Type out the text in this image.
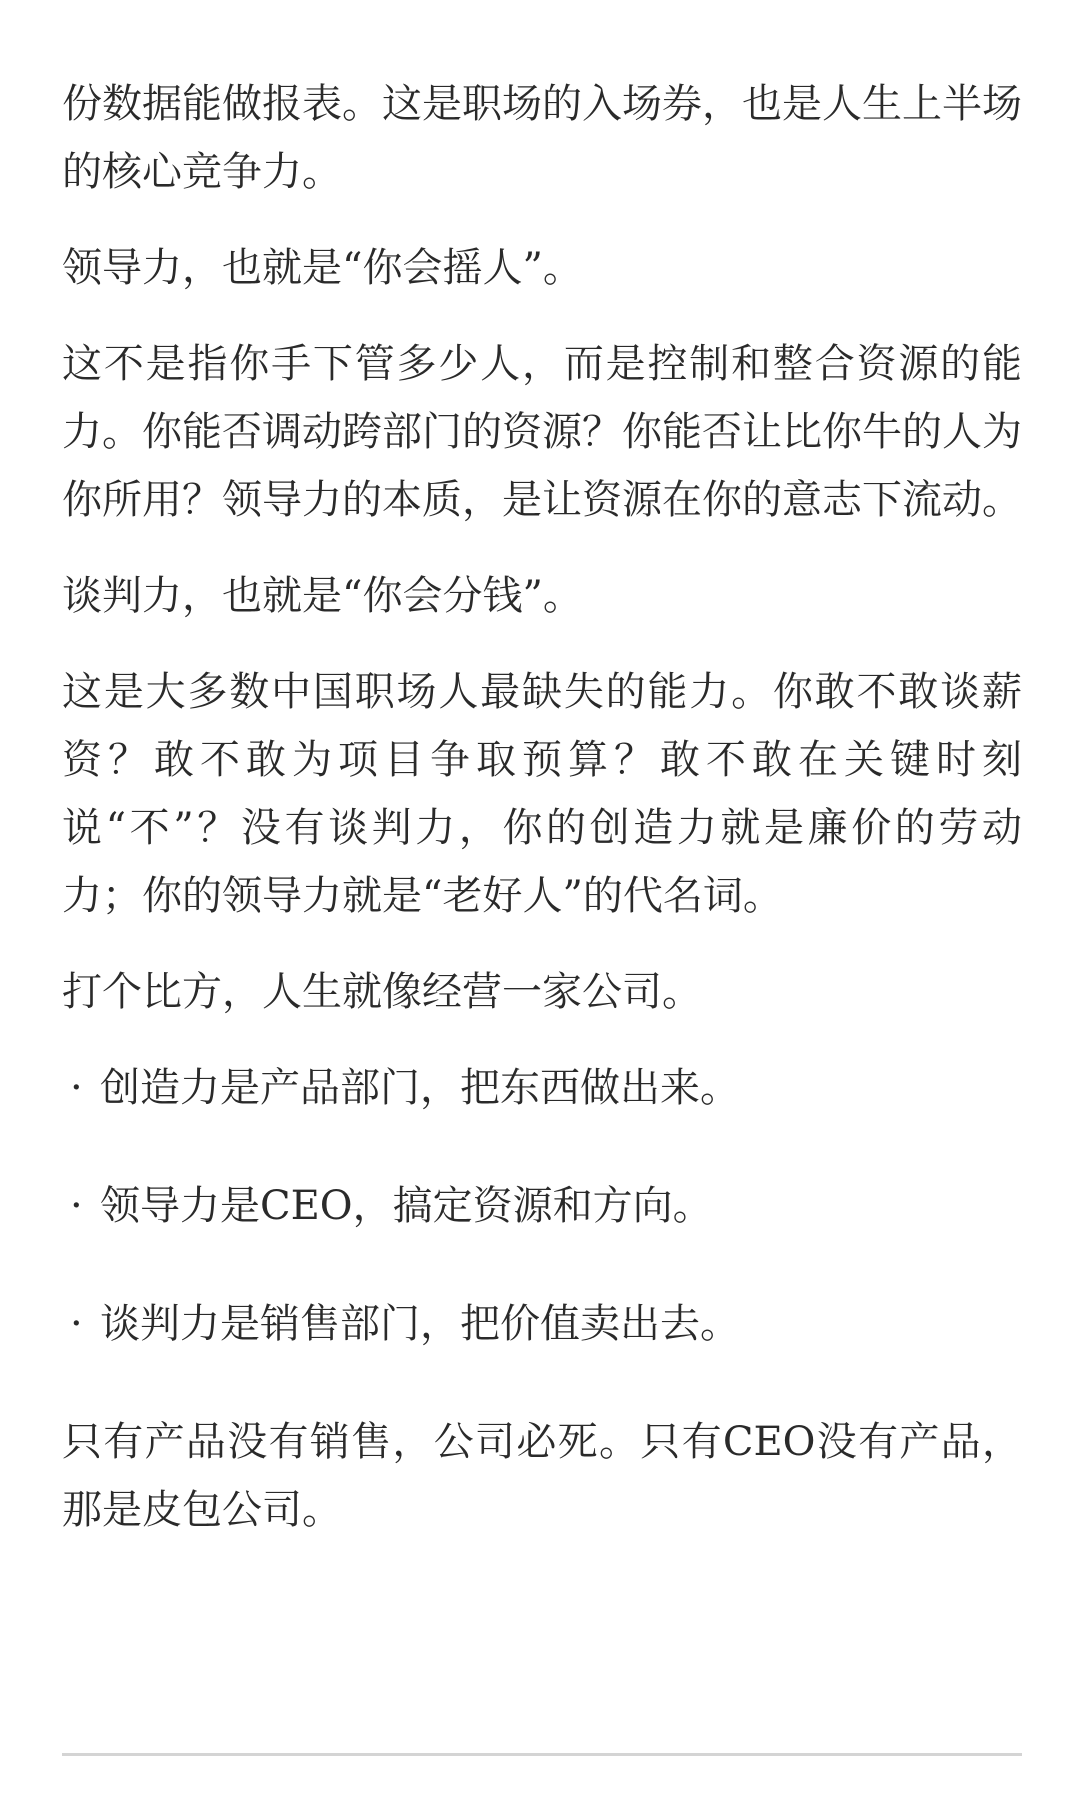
份数据能做报表。这是职场的入场券，也是人生上半场的核心竞争力。

领导力，也就是“你会摇人”。

这不是指你手下管多少人，而是控制和整合资源的能力。你能否调动跨部门的资源？你能否让比你牛的人为你所用？领导力的本质，是让资源在你的意志下流动。

谈判力，也就是“你会分钱”。

这是大多数中国职场人最缺失的能力。你敢不敢谈薪资？敢不敢为项目争取预算？敢不敢在关键时刻说“不”？没有谈判力，你的创造力就是廉价的劳动力；你的领导力就是“老好人”的代名词。

打个比方，人生就像经营一家公司。

· 创造力是产品部门，把东西做出来。
· 领导力是CEO，搞定资源和方向。
· 谈判力是销售部门，把价值卖出去。

只有产品没有销售，公司必死。只有CEO没有产品，那是皮包公司。
